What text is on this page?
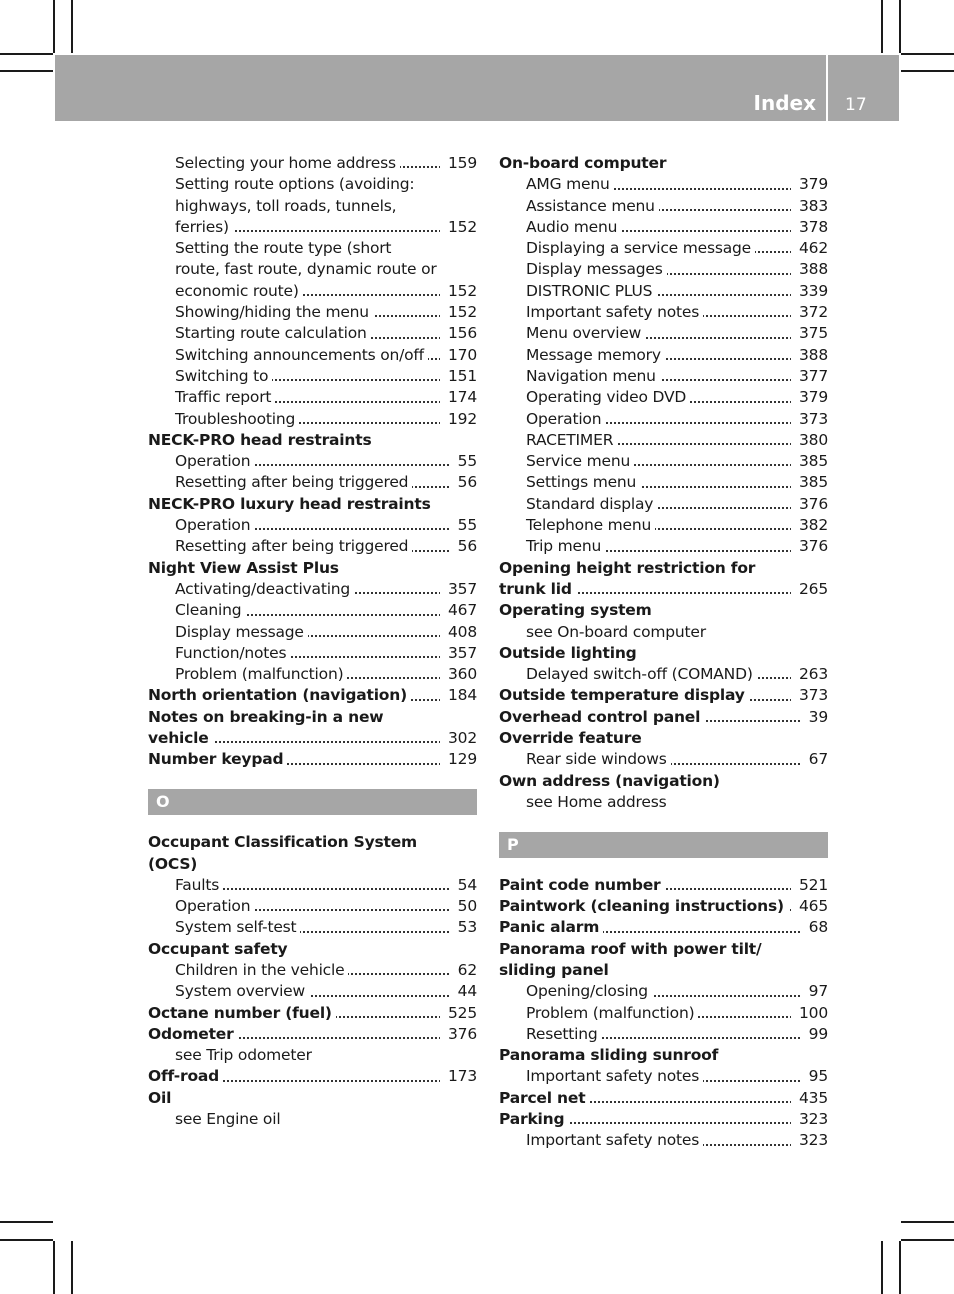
Index 17
Selecting your home address	159
Setting route options (avoiding:
highways, toll roads, tunnels,
ferries)	152
Setting the route type (short
route, fast route, dynamic route or
economic route)	152
Showing/hiding the menu	152
Starting route calculation	156
Switching announcements on/off	170
Switching to	151
Traffic report	174
Troubleshooting	192
NECK-PRO head restraints
Operation	55
Resetting after being triggered	56
NECK-PRO luxury head restraints
Operation	55
Resetting after being triggered	56
Night View Assist Plus
Activating/deactivating	357
Cleaning	467
Display message	408
Function/notes	357
Problem (malfunction)	360
North orientation (navigation)	184
Notes on breaking-in a new
vehicle	302
Number keypad	129
O
Occupant Classification System
(OCS)
Faults	54
Operation	50
System self-test	53
Occupant safety
Children in the vehicle	62
System overview	44
Octane number (fuel)	525
Odometer	376
see Trip odometer
Off-road	173
Oil
see Engine oil
On-board computer
AMG menu	379
Assistance menu	383
Audio menu	378
Displaying a service message	462
Display messages	388
DISTRONIC PLUS	339
Important safety notes	372
Menu overview	375
Message memory	388
Navigation menu	377
Operating video DVD	379
Operation	373
RACETIMER	380
Service menu	385
Settings menu	385
Standard display	376
Telephone menu	382
Trip menu	376
Opening height restriction for
trunk lid	265
Operating system
see On-board computer
Outside lighting
Delayed switch-off (COMAND)	263
Outside temperature display	373
Overhead control panel	39
Override feature
Rear side windows	67
Own address (navigation)
see Home address
P
Paint code number	521
Paintwork (cleaning instructions) 465
Panic alarm	68
Panorama roof with power tilt/
sliding panel
Opening/closing	97
Problem (malfunction)	100
Resetting	99
Panorama sliding sunroof
Important safety notes	95
Parcel net	435
Parking	323
Important safety notes	323
